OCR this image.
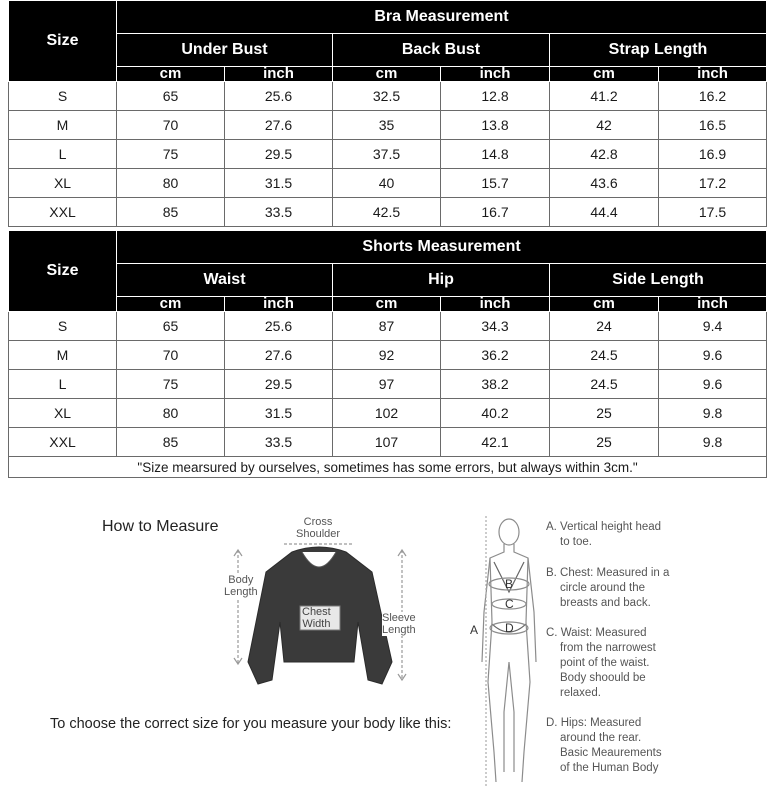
Size	Bra Measurement					
	Under Bust		Back Bust		Strap Length	
	cm	inch	cm	inch	cm	inch
S	65	25.6	32.5	12.8	41.2	16.2
M	70	27.6	35	13.8	42	16.5
L	75	29.5	37.5	14.8	42.8	16.9
XL	80	31.5	40	15.7	43.6	17.2
XXL	85	33.5	42.5	16.7	44.4	17.5
Size	Shorts Measurement					
	Waist		Hip		Side Length	
	cm	inch	cm	inch	cm	inch
S	65	25.6	87	34.3	24	9.4
M	70	27.6	92	36.2	24.5	9.6
L	75	29.5	97	38.2	24.5	9.6
XL	80	31.5	102	40.2	25	9.8
XXL	85	33.5	107	42.1	25	9.8
"Size mearsured by ourselves, sometimes has some errors, but always within 3cm."						
How to Measure	Cross
Shoulder
Body
Length
Chest
Width	Sleeve
Length
To choose the correct size for you measure your body like this:
A
B
C
D
A. Vertical height head
to toe.
B. Chest: Measured in a
circle around the
breasts and back.
C. Waist: Measured
from the narrowest
point of the waist.
Body shoould be
relaxed.
D. Hips: Measured
around the rear.
Basic Meaurements
of the Human Body
